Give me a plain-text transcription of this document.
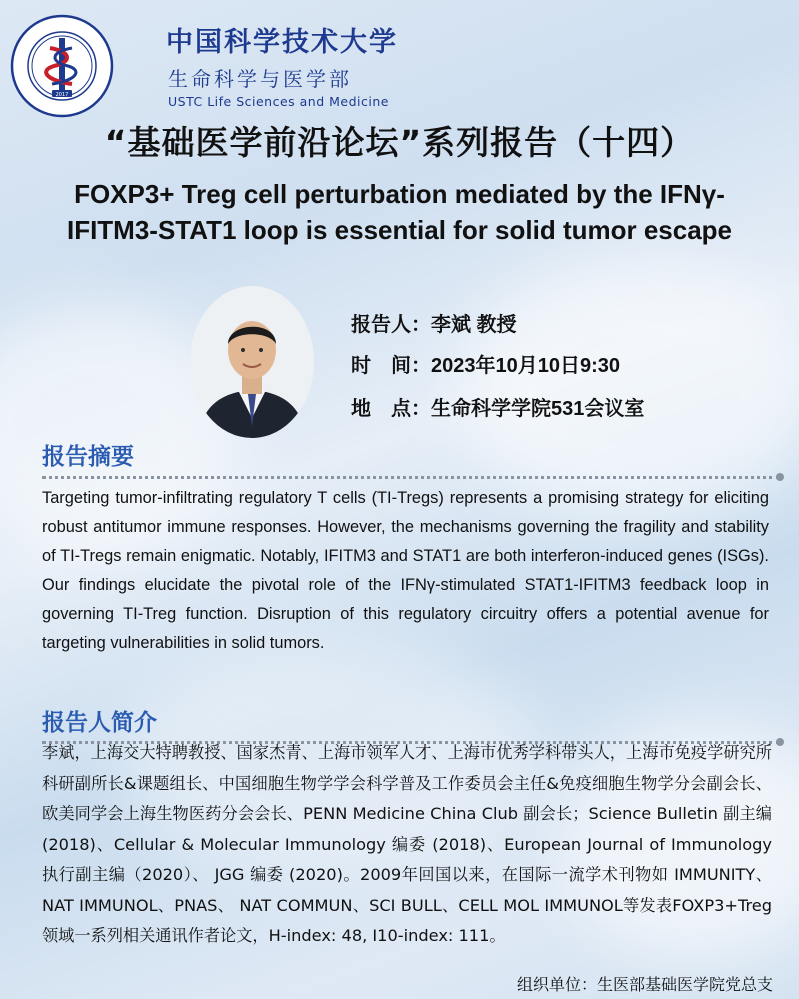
2017
中国科学技术大学
生命科学与医学部
USTC Life Sciences and Medicine
“基础医学前沿论坛”系列报告（十四）
FOXP3+ Treg cell perturbation mediated by the IFNγ-IFITM3-STAT1 loop is essential for solid tumor escape
报告人：李斌 教授
时　间：2023年10月10日9:30
地　点：生命科学学院531会议室
报告摘要
Targeting tumor-infiltrating regulatory T cells (TI-Tregs) represents a promising strategy for eliciting robust antitumor immune responses. However, the mechanisms governing the fragility and stability of TI-Tregs remain enigmatic. Notably, IFITM3 and STAT1 are both interferon-induced genes (ISGs). Our findings elucidate the pivotal role of the IFNγ-stimulated STAT1-IFITM3 feedback loop in governing TI-Treg function. Disruption of this regulatory circuitry offers a potential avenue for targeting vulnerabilities in solid tumors.
报告人简介
李斌，上海交大特聘教授、国家杰青、上海市领军人才、上海市优秀学科带头人，上海市免疫学研究所科研副所长&课题组长、中国细胞生物学学会科学普及工作委员会主任&免疫细胞生物学分会副会长、欧美同学会上海生物医药分会会长、PENN Medicine China Club 副会长；Science Bulletin 副主编 (2018)、Cellular & Molecular Immunology 编委 (2018)、European Journal of Immunology 执行副主编（2020）、 JGG 编委 (2020)。2009年回国以来，在国际一流学术刊物如 IMMUNITY、NAT IMMUNOL、PNAS、 NAT COMMUN、SCI BULL、CELL MOL IMMUNOL等发表FOXP3+Treg领域一系列相关通讯作者论文，H-index: 48, I10-index: 111。
组织单位：生医部基础医学院党总支
